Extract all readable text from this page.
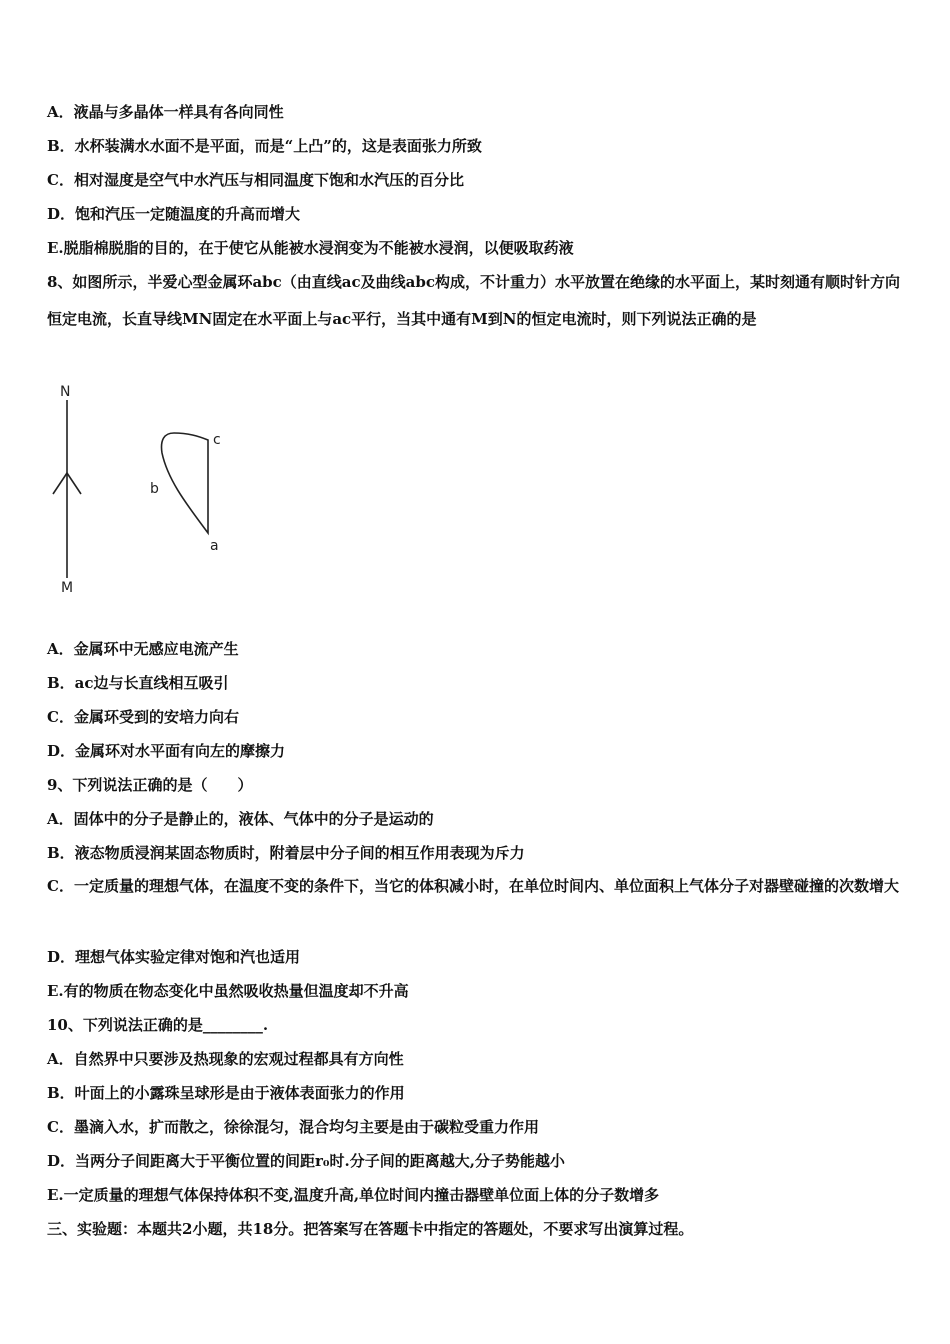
A．液晶与多晶体一样具有各向同性
B．水杯装满水水面不是平面，而是“上凸”的，这是表面张力所致
C．相对湿度是空气中水汽压与相同温度下饱和水汽压的百分比
D．饱和汽压一定随温度的升高而增大
E.脱脂棉脱脂的目的，在于使它从能被水浸润变为不能被水浸润，以便吸取药液
8、如图所示，半爱心型金属环abc（由直线ac及曲线abc构成，不计重力）水平放置在绝缘的水平面上，某时刻通有顺时针方向恒定电流，长直导线MN固定在水平面上与ac平行，当其中通有M到N的恒定电流时，则下列说法正确的是
N
M
c
b
a
A．金属环中无感应电流产生
B．ac边与长直线相互吸引
C．金属环受到的安培力向右
D．金属环对水平面有向左的摩擦力
9、下列说法正确的是（　　）
A．固体中的分子是静止的，液体、气体中的分子是运动的
B．液态物质浸润某固态物质时，附着层中分子间的相互作用表现为斥力
C．一定质量的理想气体，在温度不变的条件下，当它的体积减小时，在单位时间内、单位面积上气体分子对器壁碰撞的次数增大
D．理想气体实验定律对饱和汽也适用
E.有的物质在物态变化中虽然吸收热量但温度却不升高
10、下列说法正确的是________.
A．自然界中只要涉及热现象的宏观过程都具有方向性
B．叶面上的小露珠呈球形是由于液体表面张力的作用
C．墨滴入水，扩而散之，徐徐混匀，混合均匀主要是由于碳粒受重力作用
D．当两分子间距离大于平衡位置的间距r₀时.分子间的距离越大,分子势能越小
E.一定质量的理想气体保持体积不变,温度升高,单位时间内撞击器壁单位面上体的分子数增多
三、实验题：本题共2小题，共18分。把答案写在答题卡中指定的答题处，不要求写出演算过程。
